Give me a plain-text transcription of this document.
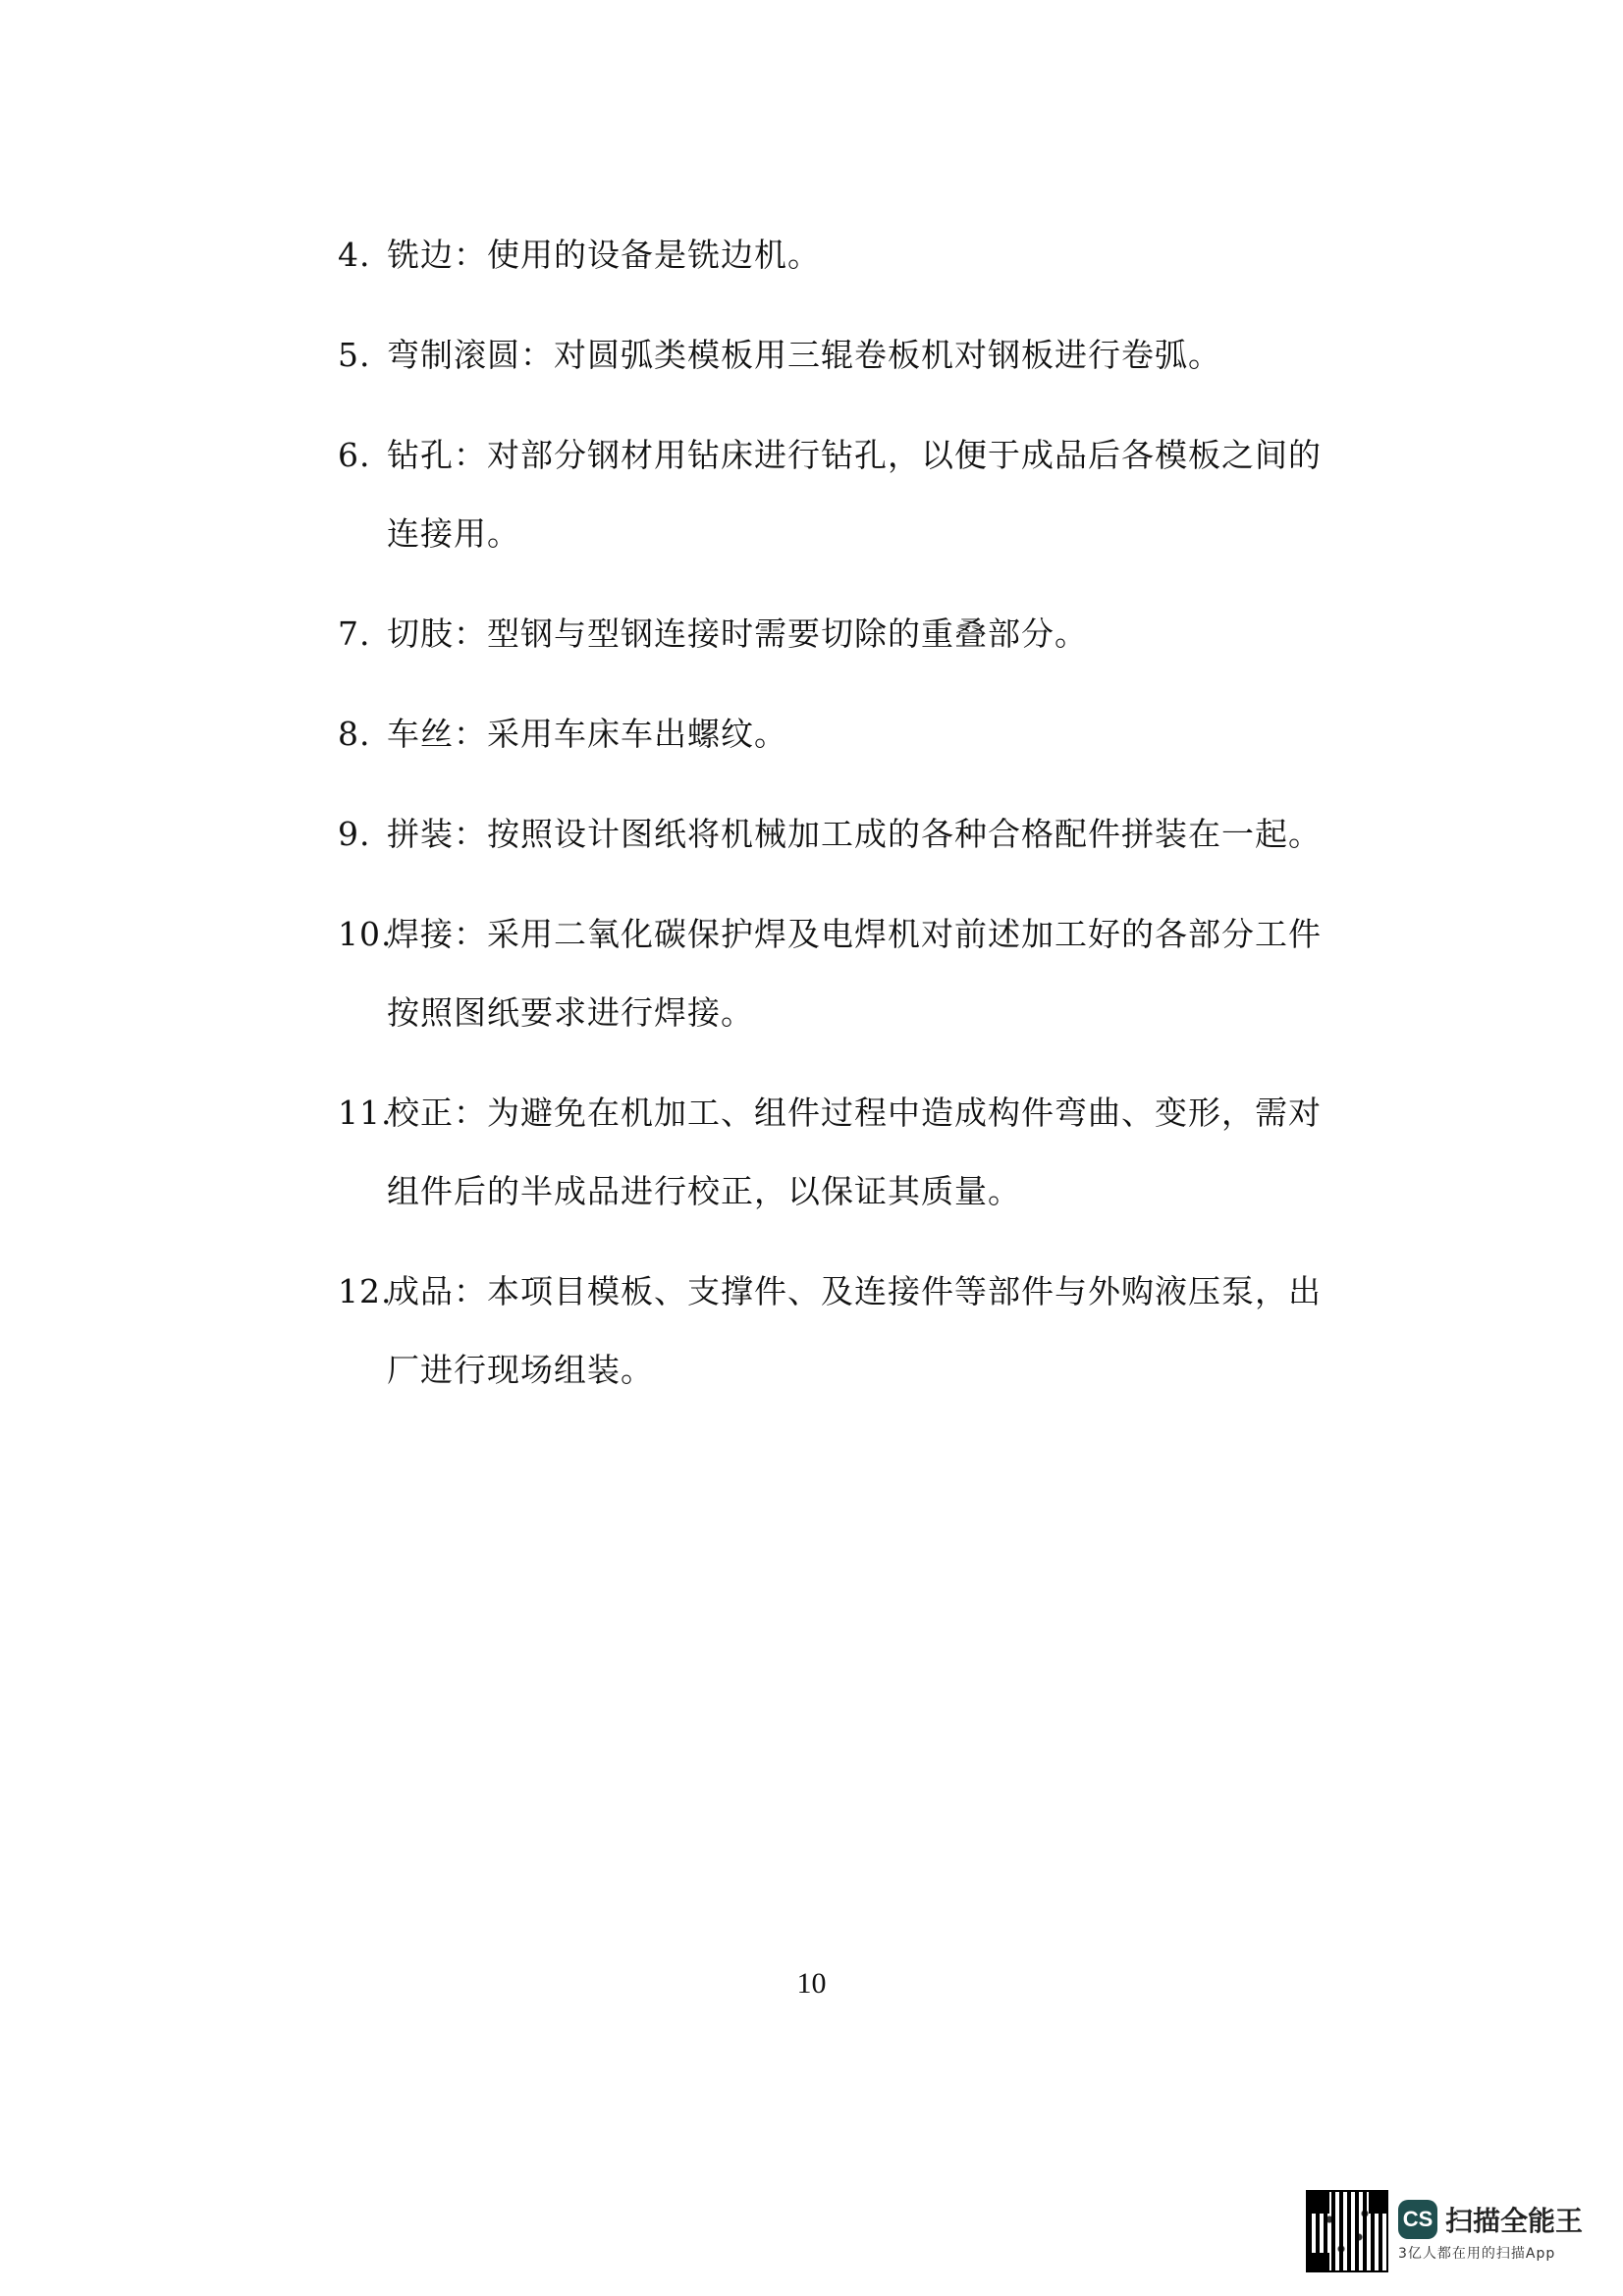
4. 铣边：使用的设备是铣边机。
5. 弯制滚圆：对圆弧类模板用三辊卷板机对钢板进行卷弧。
6. 钻孔：对部分钢材用钻床进行钻孔，以便于成品后各模板之间的
连接用。
7. 切肢：型钢与型钢连接时需要切除的重叠部分。
8. 车丝：采用车床车出螺纹。
9. 拼装：按照设计图纸将机械加工成的各种合格配件拼装在一起。
10.
焊接：采用二氧化碳保护焊及电焊机对前述加工好的各部分工件
按照图纸要求进行焊接。
11.
校正：为避免在机加工、组件过程中造成构件弯曲、变形，需对
组件后的半成品进行校正，以保证其质量。
12.
成品：本项目模板、支撑件、及连接件等部件与外购液压泵，出
厂进行现场组装。
10
CS 扫描全能王
3亿人都在用的扫描App
